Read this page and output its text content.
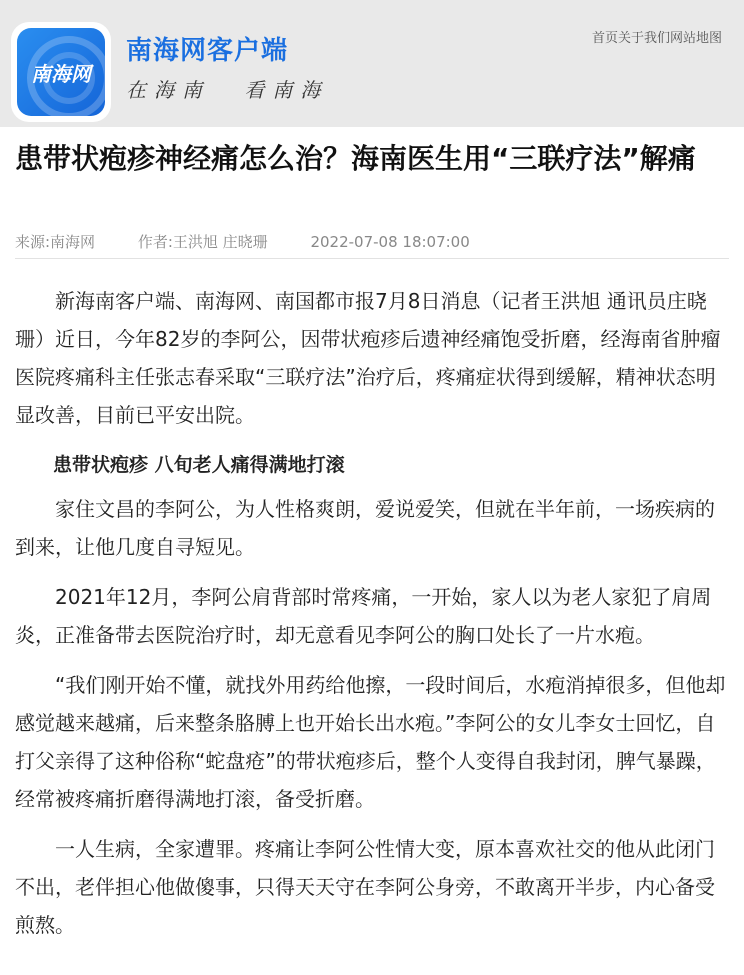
南海网
南海网客户端
在海南 看南海
首页关于我们网站地图
患带状疱疹神经痛怎么治？海南医生用“三联疗法”解痛
来源:南海网	作者:王洪旭 庄晓珊	2022-07-08 18:07:00

新海南客户端、南海网、南国都市报7月8日消息（记者王洪旭 通讯员庄晓珊）近日，今年82岁的李阿公，因带状疱疹后遗神经痛饱受折磨，经海南省肿瘤医院疼痛科主任张志春采取“三联疗法”治疗后，疼痛症状得到缓解，精神状态明显改善，目前已平安出院。

患带状疱疹 八旬老人痛得满地打滚

家住文昌的李阿公，为人性格爽朗，爱说爱笑，但就在半年前，一场疾病的到来，让他几度自寻短见。

2021年12月，李阿公肩背部时常疼痛，一开始，家人以为老人家犯了肩周炎，正准备带去医院治疗时，却无意看见李阿公的胸口处长了一片水疱。

“我们刚开始不懂，就找外用药给他擦，一段时间后，水疱消掉很多，但他却感觉越来越痛，后来整条胳膊上也开始长出水疱。”李阿公的女儿李女士回忆，自打父亲得了这种俗称“蛇盘疮”的带状疱疹后，整个人变得自我封闭，脾气暴躁，经常被疼痛折磨得满地打滚，备受折磨。

一人生病，全家遭罪。疼痛让李阿公性情大变，原本喜欢社交的他从此闭门不出，老伴担心他做傻事，只得天天守在李阿公身旁，不敢离开半步，内心备受煎熬。
